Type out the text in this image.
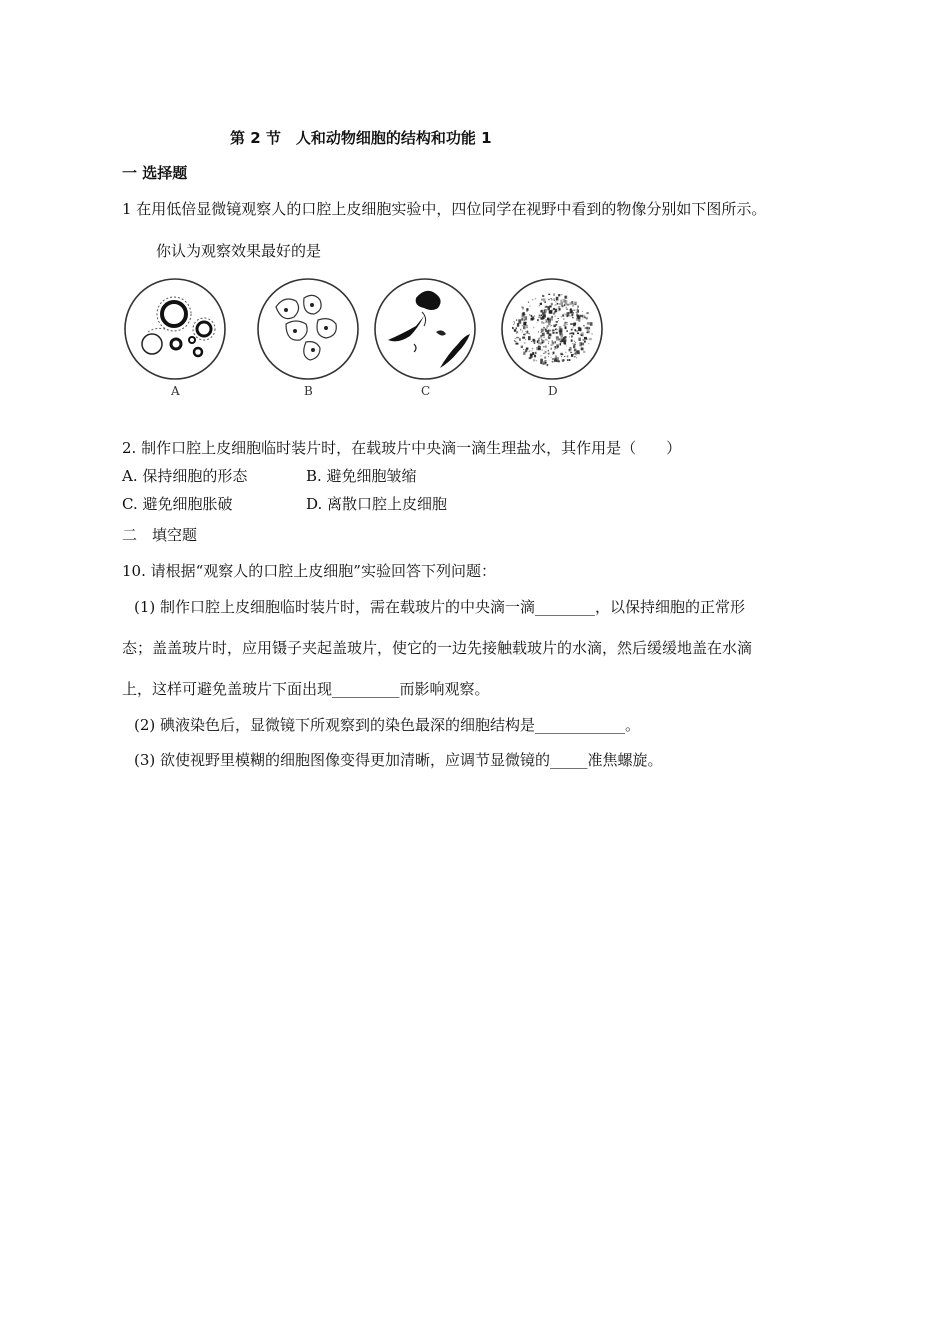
第 2 节　人和动物细胞的结构和功能 1
一 选择题
1 在用低倍显微镜观察人的口腔上皮细胞实验中，四位同学在视野中看到的物像分别如下图所示。
你认为观察效果最好的是
A	B	C	D
2. 制作口腔上皮细胞临时装片时，在载玻片中央滴一滴生理盐水，其作用是（　　）
A. 保持细胞的形态	B. 避免细胞皱缩
C. 避免细胞胀破	D. 离散口腔上皮细胞
二　填空题
10. 请根据“观察人的口腔上皮细胞”实验回答下列问题：
(1) 制作口腔上皮细胞临时装片时，需在载玻片的中央滴一滴________，以保持细胞的正常形
态；盖盖玻片时，应用镊子夹起盖玻片，使它的一边先接触载玻片的水滴，然后缓缓地盖在水滴
上，这样可避免盖玻片下面出现_________而影响观察。
(2) 碘液染色后，显微镜下所观察到的染色最深的细胞结构是____________。
(3) 欲使视野里模糊的细胞图像变得更加清晰，应调节显微镜的_____准焦螺旋。
